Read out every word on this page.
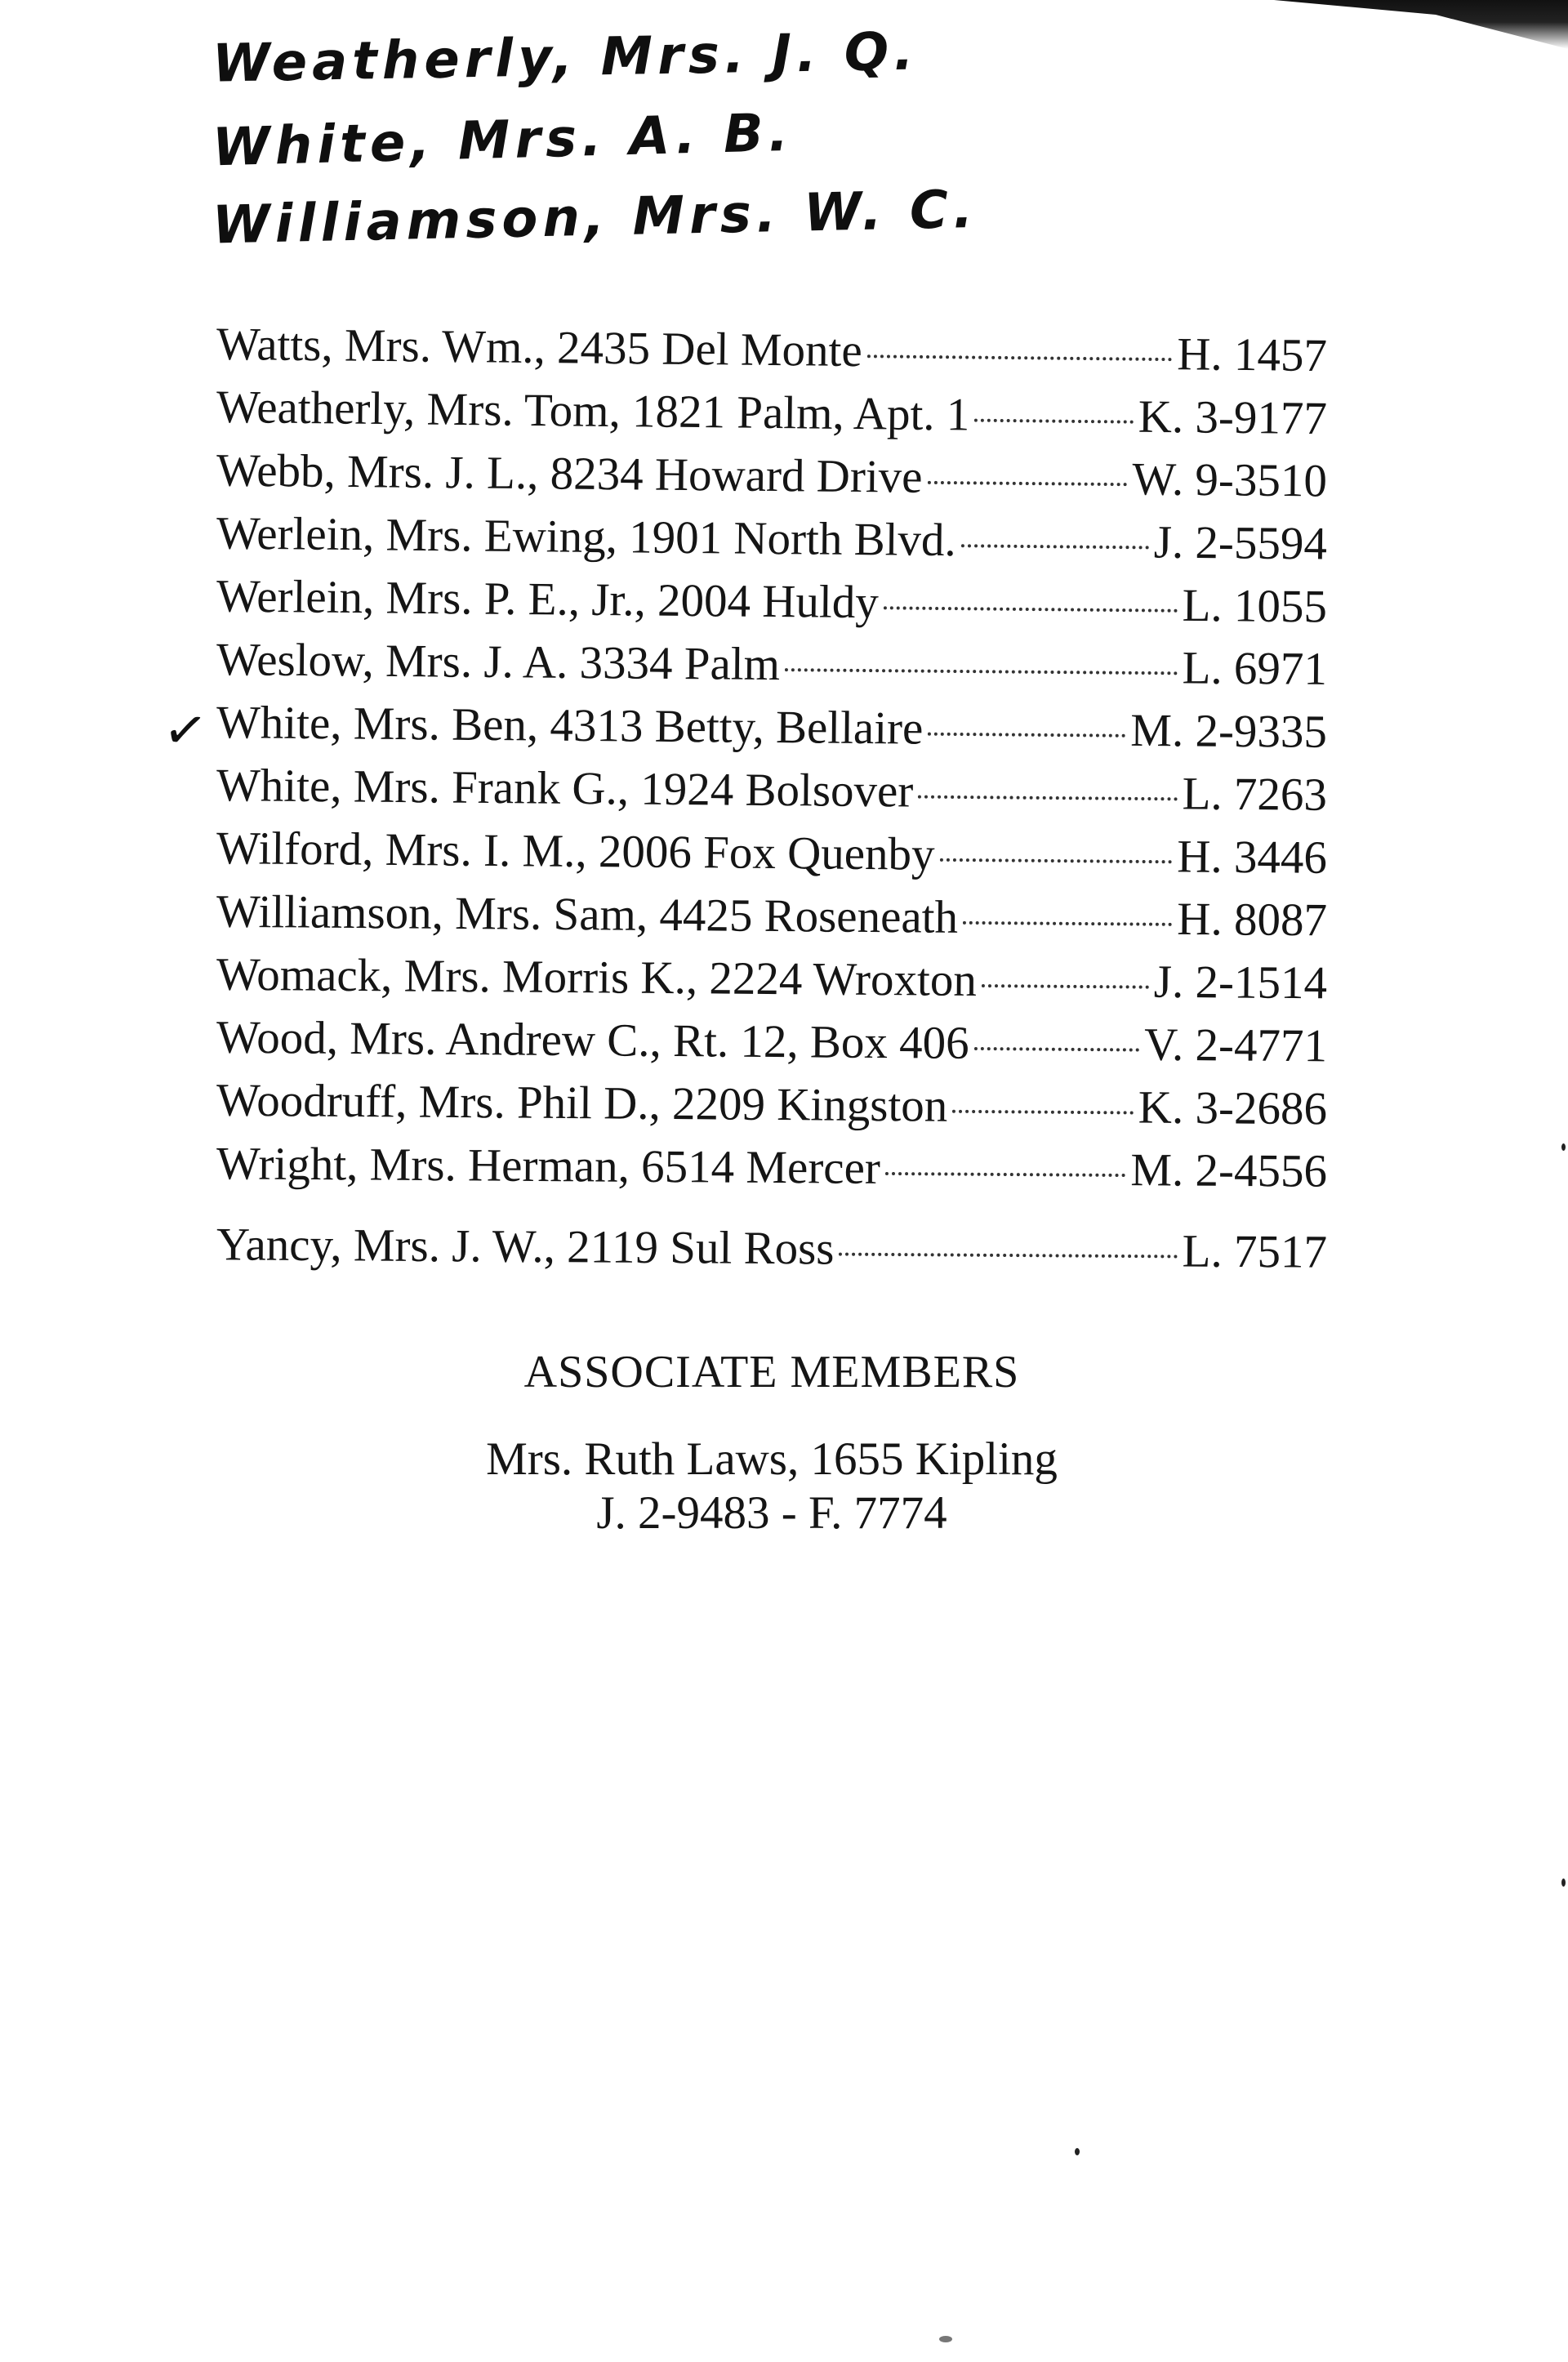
Weatherly, Mrs. J. Q.
White, Mrs. A. B.
Williamson, Mrs. W. C.
✓
Watts, Mrs. Wm., 2435 Del Monte	H. 1457
Weatherly, Mrs. Tom, 1821 Palm, Apt. 1	K. 3-9177
Webb, Mrs. J. L., 8234 Howard Drive	W. 9-3510
Werlein, Mrs. Ewing, 1901 North Blvd.	J. 2-5594
Werlein, Mrs. P. E., Jr., 2004 Huldy	L. 1055
Weslow, Mrs. J. A. 3334 Palm	L. 6971
White, Mrs. Ben, 4313 Betty, Bellaire	M. 2-9335
White, Mrs. Frank G., 1924 Bolsover	L. 7263
Wilford, Mrs. I. M., 2006 Fox Quenby	H. 3446
Williamson, Mrs. Sam, 4425 Roseneath	H. 8087
Womack, Mrs. Morris K., 2224 Wroxton	J. 2-1514
Wood, Mrs. Andrew C., Rt. 12, Box 406	V. 2-4771
Woodruff, Mrs. Phil D., 2209 Kingston	K. 3-2686
Wright, Mrs. Herman, 6514 Mercer	M. 2-4556
Yancy, Mrs. J. W., 2119 Sul Ross	L. 7517
ASSOCIATE MEMBERS
Mrs. Ruth Laws, 1655 Kipling
J. 2-9483 - F. 7774
